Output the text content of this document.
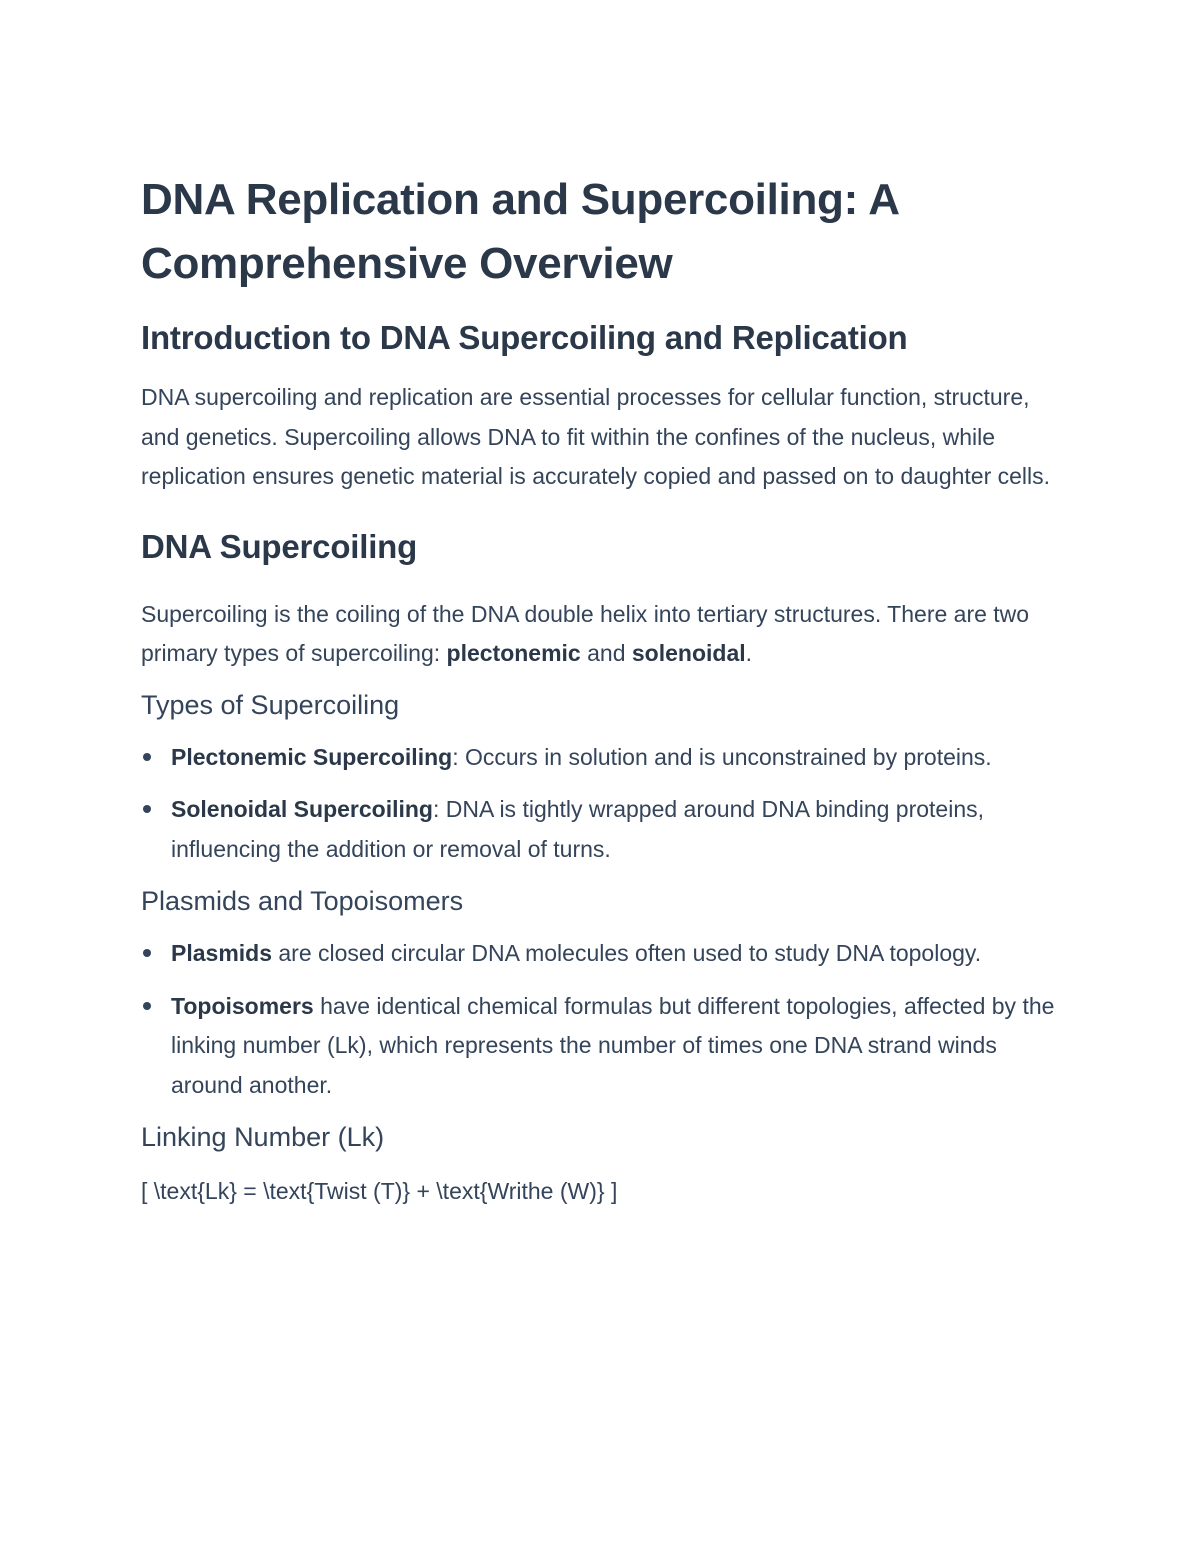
DNA Replication and Supercoiling: A Comprehensive Overview
Introduction to DNA Supercoiling and Replication

DNA supercoiling and replication are essential processes for cellular function, structure, and genetics. Supercoiling allows DNA to fit within the confines of the nucleus, while replication ensures genetic material is accurately copied and passed on to daughter cells.

DNA Supercoiling

Supercoiling is the coiling of the DNA double helix into tertiary structures. There are two primary types of supercoiling: plectonemic and solenoidal.

Types of Supercoiling
Plectonemic Supercoiling: Occurs in solution and is unconstrained by proteins.
Solenoidal Supercoiling: DNA is tightly wrapped around DNA binding proteins, influencing the addition or removal of turns.
Plasmids and Topoisomers
Plasmids are closed circular DNA molecules often used to study DNA topology.
Topoisomers have identical chemical formulas but different topologies, affected by the linking number (Lk), which represents the number of times one DNA strand winds around another.
Linking Number (Lk)

[ \text{Lk} = \text{Twist (T)} + \text{Writhe (W)} ]
